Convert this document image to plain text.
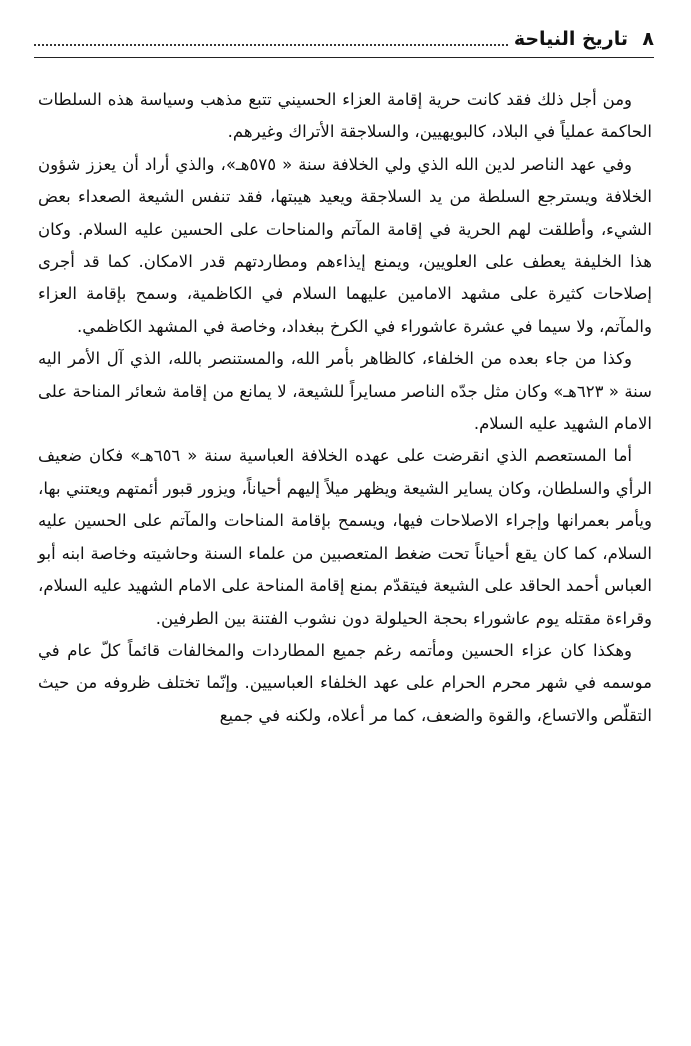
٨
تاريخ النياحة

ومن أجل ذلك فقد كانت حرية إقامة العزاء الحسيني تتبع مذهب وسياسة هذه السلطات الحاكمة عملياً في البلاد، كالبويهيين، والسلاجقة الأتراك وغيرهم.

وفي عهد الناصر لدين الله الذي ولي الخلافة سنة « ٥٧٥هـ»، والذي أراد أن يعزز شؤون الخلافة ويسترجع السلطة من يد السلاجقة ويعيد هيبتها، فقد تنفس الشيعة الصعداء بعض الشيء، وأطلقت لهم الحرية في إقامة المآتم والمناحات على الحسين عليه السلام. وكان هذا الخليفة يعطف على العلويين، ويمنع إيذاءهم ومطاردتهم قدر الامكان. كما قد أجرى إصلاحات كثيرة على مشهد الامامين عليهما السلام في الكاظمية، وسمح بإقامة العزاء والمآتم، ولا سيما في عشرة عاشوراء في الكرخ ببغداد، وخاصة في المشهد الكاظمي.

وكذا من جاء بعده من الخلفاء، كالظاهر بأمر الله، والمستنصر بالله، الذي آل الأمر اليه سنة « ٦٢٣هـ» وكان مثل جدّه الناصر مسايراً للشيعة، لا يمانع من إقامة شعائر المناحة على الامام الشهيد عليه السلام.

أما المستعصم الذي انقرضت على عهده الخلافة العباسية سنة « ٦٥٦هـ» فكان ضعيف الرأي والسلطان، وكان يساير الشيعة ويظهر ميلاً إليهم أحياناً، ويزور قبور أئمتهم ويعتني بها، ويأمر بعمرانها وإجراء الاصلاحات فيها، ويسمح بإقامة المناحات والمآتم على الحسين عليه السلام، كما كان يقع أحياناً تحت ضغط المتعصبين من علماء السنة وحاشيته وخاصة ابنه أبو العباس أحمد الحاقد على الشيعة فيتقدّم بمنع إقامة المناحة على الامام الشهيد عليه السلام، وقراءة مقتله يوم عاشوراء بحجة الحيلولة دون نشوب الفتنة بين الطرفين.

وهكذا كان عزاء الحسين ومأتمه رغم جميع المطاردات والمخالفات قائماً كلّ عام في موسمه في شهر محرم الحرام على عهد الخلفاء العباسيين. وإنّما تختلف ظروفه من حيث التقلّص والاتساع، والقوة والضعف، كما مر أعلاه، ولكنه في جميع
